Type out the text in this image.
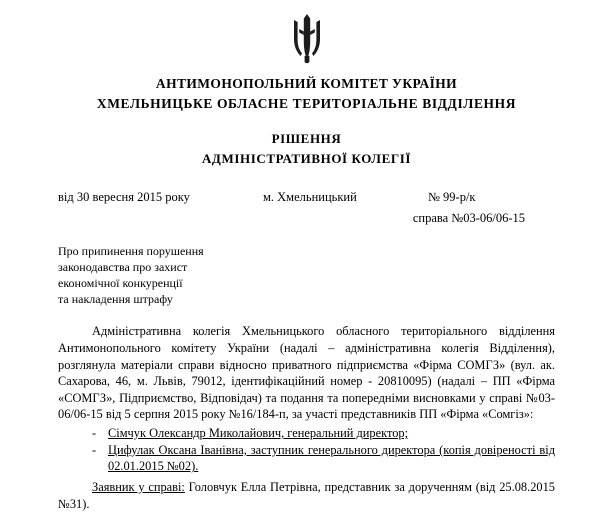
АНТИМОНОПОЛЬНИЙ КОМІТЕТ УКРАЇНИ
ХМЕЛЬНИЦЬКЕ ОБЛАСНЕ ТЕРИТОРІАЛЬНЕ ВІДДІЛЕННЯ
РІШЕННЯ
АДМІНІСТРАТИВНОЇ КОЛЕГІЇ
від 30 вересня 2015 року	м. Хмельницький	№ 99-р/к
справа №03-06/06-15
Про припинення порушення
законодавства про захист
економічної конкуренції
та накладення штрафу

Адміністративна колегія Хмельницького обласного територіального відділення Антимонопольного комітету України (надалі – адміністративна колегія Відділення), розглянула матеріали справи відносно приватного підприємства «Фірма СОМГЗ» (вул. ак. Сахарова, 46, м. Львів, 79012, ідентифікаційний номер - 20810095) (надалі – ПП «Фірма «СОМГЗ», Підприємство, Відповідач) та подання та попередніми висновками у справі №03-06/06-15 від 5 серпня 2015 року №16/184-п, за участі представників ПП «Фірма «Сомгіз»:

- Сімчук Олександр Миколайович, генеральний директор;
- Цифулак Оксана Іванівна, заступник генерального директора (копія довіреності від 02.01.2015 №02).

Заявник у справі: Головчук Елла Петрівна, представник за дорученням (від 25.08.2015 №31).
